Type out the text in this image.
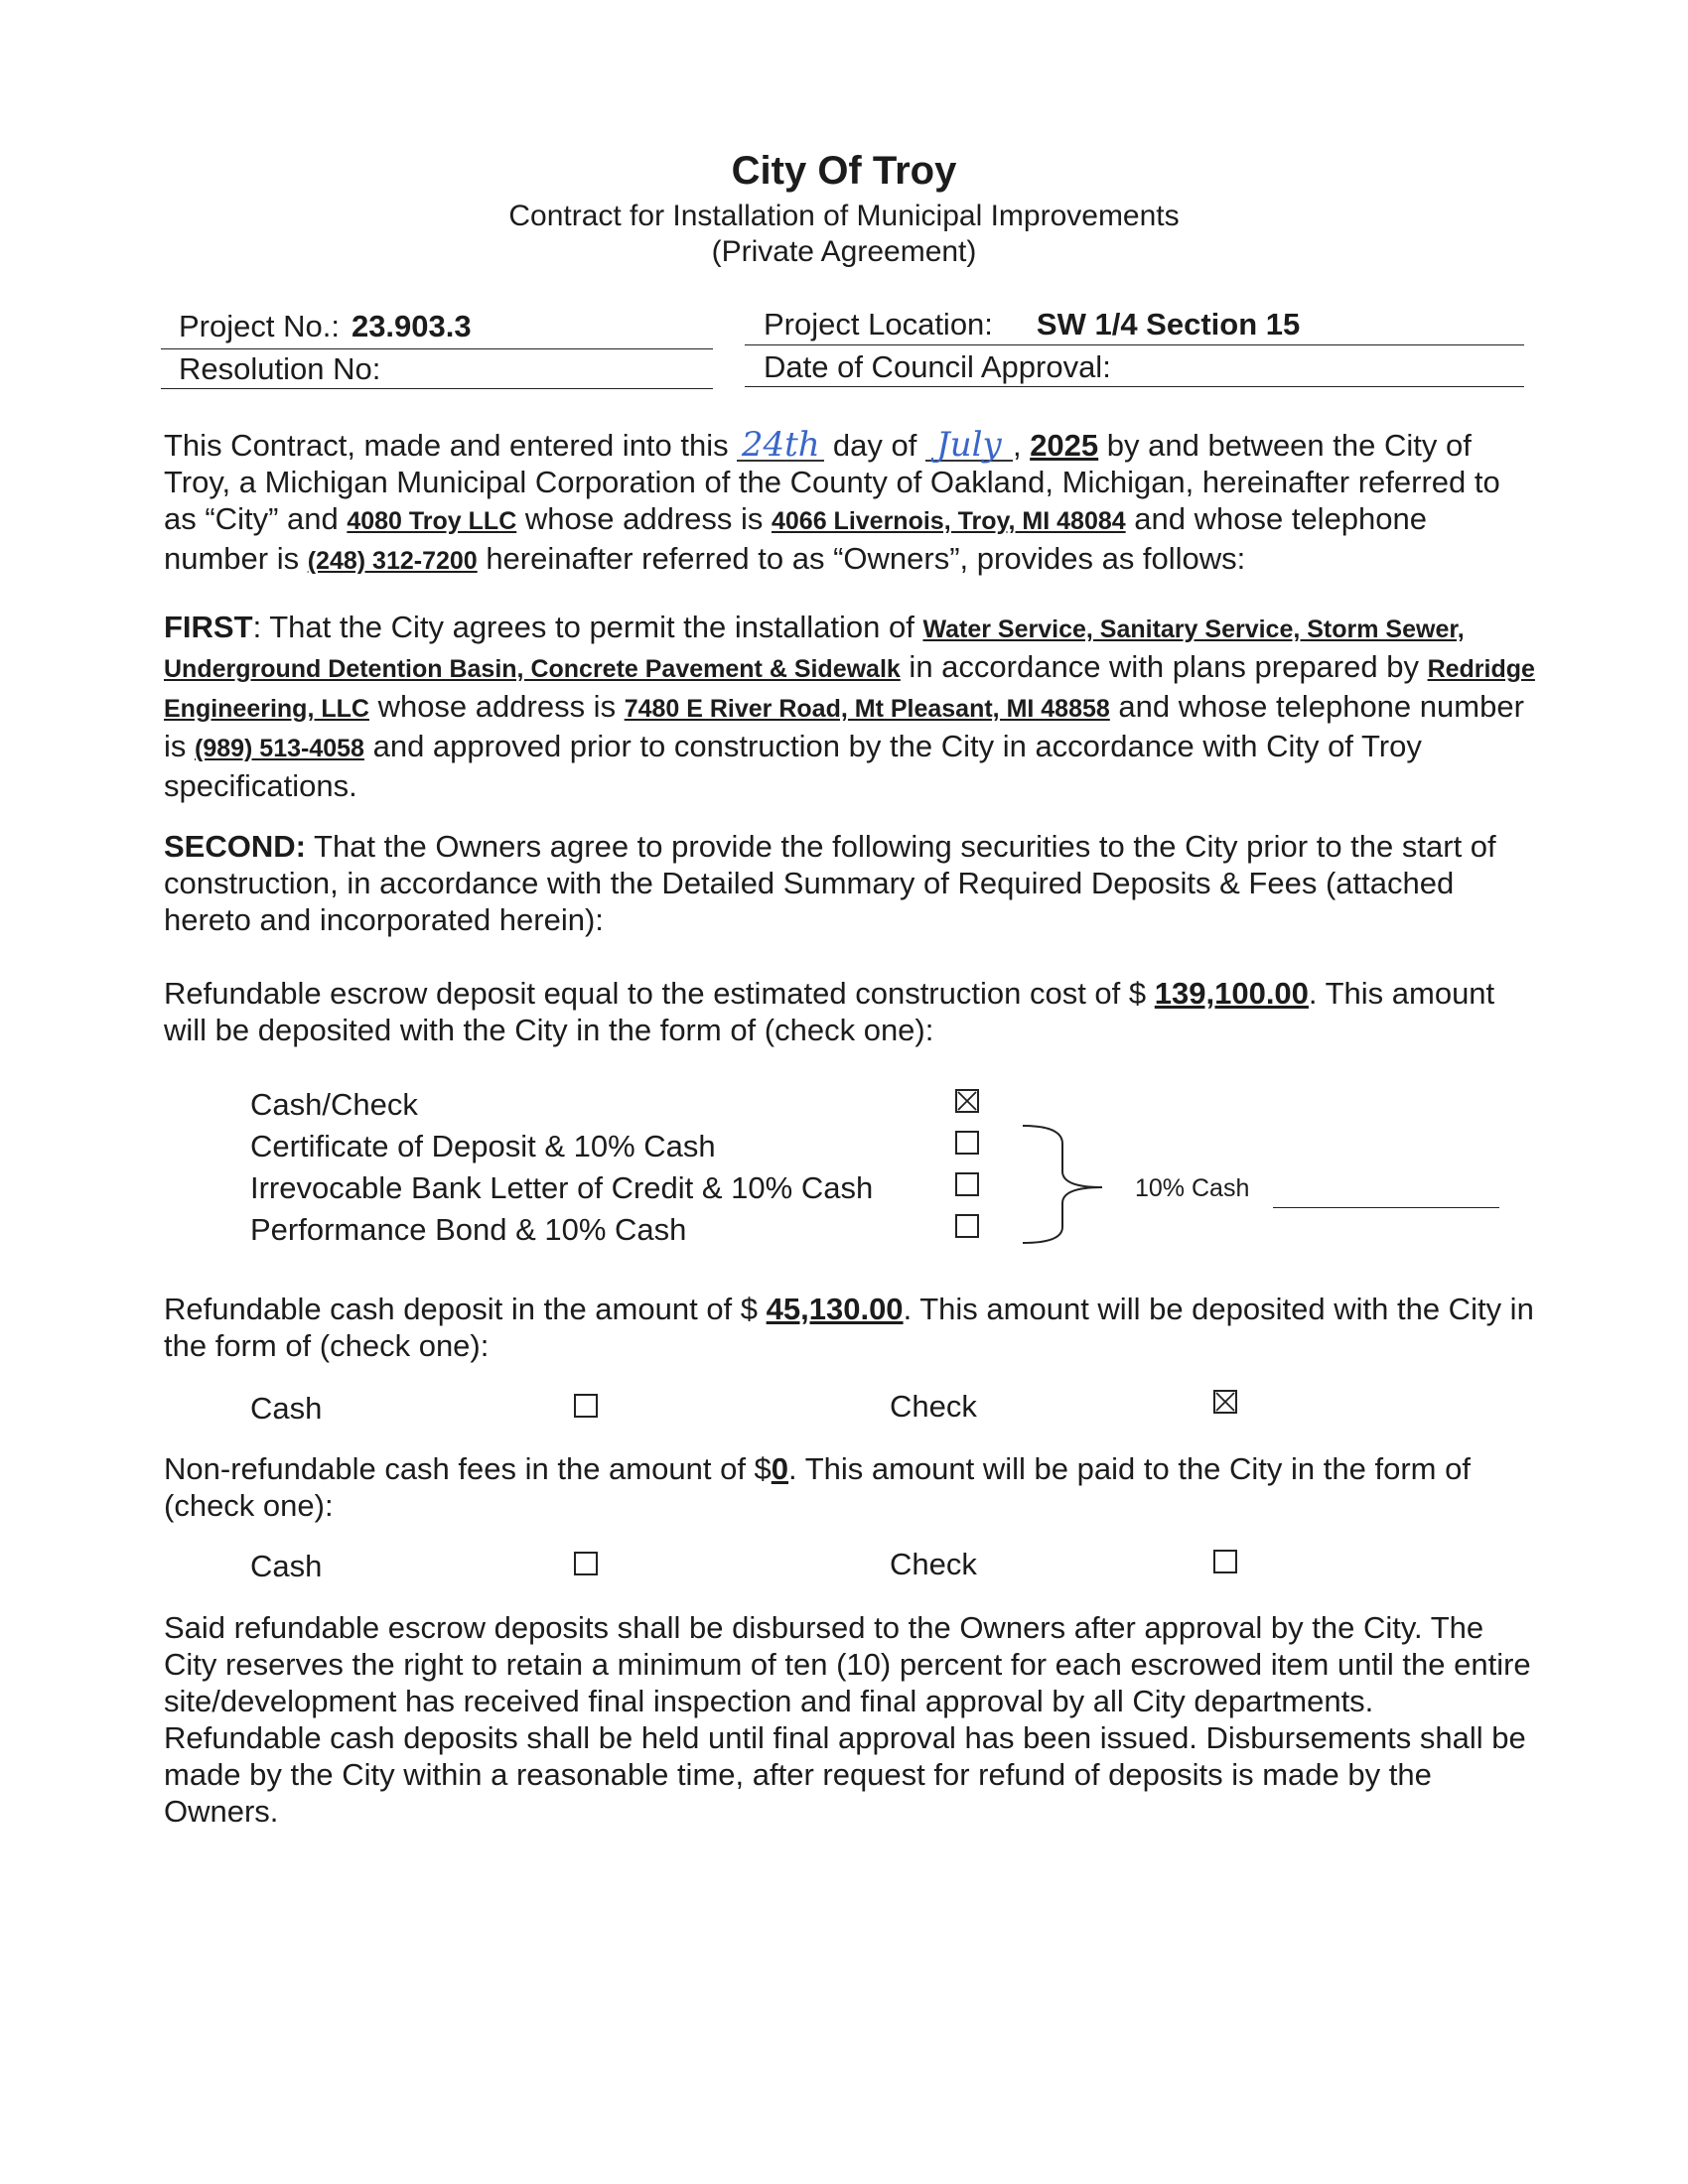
City Of Troy
Contract for Installation of Municipal Improvements
(Private Agreement)
Project No.: 23.903.3
Resolution No:
Project Location: SW 1/4 Section 15
Date of Council Approval:
This Contract, made and entered into this 24th day of July , 2025 by and between the City of Troy, a Michigan Municipal Corporation of the County of Oakland, Michigan, hereinafter referred to as “City” and 4080 Troy LLC whose address is 4066 Livernois, Troy, MI 48084 and whose telephone number is (248) 312-7200 hereinafter referred to as “Owners”, provides as follows:
FIRST: That the City agrees to permit the installation of Water Service, Sanitary Service, Storm Sewer, Underground Detention Basin, Concrete Pavement & Sidewalk in accordance with plans prepared by Redridge Engineering, LLC whose address is 7480 E River Road, Mt Pleasant, MI 48858 and whose telephone number is (989) 513-4058 and approved prior to construction by the City in accordance with City of Troy specifications.
SECOND: That the Owners agree to provide the following securities to the City prior to the start of construction, in accordance with the Detailed Summary of Required Deposits & Fees (attached hereto and incorporated herein):
Refundable escrow deposit equal to the estimated construction cost of $ 139,100.00. This amount will be deposited with the City in the form of (check one):
Cash/Check
Certificate of Deposit & 10% Cash
Irrevocable Bank Letter of Credit & 10% Cash
Performance Bond & 10% Cash
10% Cash
Refundable cash deposit in the amount of $ 45,130.00. This amount will be deposited with the City in the form of (check one):
Cash	Check
Non-refundable cash fees in the amount of $0. This amount will be paid to the City in the form of (check one):
Cash	Check
Said refundable escrow deposits shall be disbursed to the Owners after approval by the City. The City reserves the right to retain a minimum of ten (10) percent for each escrowed item until the entire site/development has received final inspection and final approval by all City departments. Refundable cash deposits shall be held until final approval has been issued. Disbursements shall be made by the City within a reasonable time, after request for refund of deposits is made by the Owners.
